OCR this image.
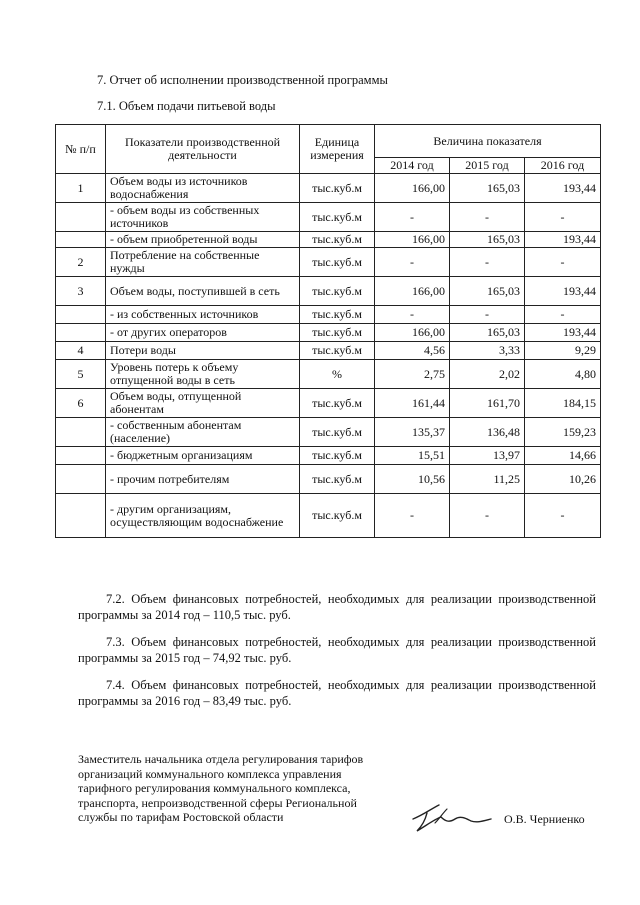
7. Отчет об исполнении производственной программы
7.1. Объем подачи питьевой воды
№ п/п	Показатели производственной деятельности	Единица измерения	Величина показателя		
			2014 год	2015 год	2016 год
1	Объем воды из источников водоснабжения	тыс.куб.м	166,00	165,03	193,44
	- объем воды из собственных источников	тыс.куб.м	-	-	-
	- объем приобретенной воды	тыс.куб.м	166,00	165,03	193,44
2	Потребление на собственные нужды	тыс.куб.м	-	-	-
3	Объем воды, поступившей в сеть	тыс.куб.м	166,00	165,03	193,44
	- из собственных источников	тыс.куб.м	-	-	-
	- от других операторов	тыс.куб.м	166,00	165,03	193,44
4	Потери воды	тыс.куб.м	4,56	3,33	9,29
5	Уровень потерь к объему отпущенной воды в сеть	%	2,75	2,02	4,80
6	Объем воды, отпущенной абонентам	тыс.куб.м	161,44	161,70	184,15
	- собственным абонентам (население)	тыс.куб.м	135,37	136,48	159,23
	- бюджетным организациям	тыс.куб.м	15,51	13,97	14,66
	- прочим потребителям	тыс.куб.м	10,56	11,25	10,26
	- другим организациям, осуществляющим водоснабжение	тыс.куб.м	-	-	-
7.2. Объем финансовых потребностей, необходимых для реализации производственной программы за 2014 год – 110,5 тыс. руб.
7.3. Объем финансовых потребностей, необходимых для реализации производственной программы за 2015 год – 74,92 тыс. руб.
7.4. Объем финансовых потребностей, необходимых для реализации производственной программы за 2016 год – 83,49 тыс. руб.
Заместитель начальника отдела регулирования тарифов
организаций коммунального комплекса управления
тарифного регулирования коммунального комплекса,
транспорта, непроизводственной сферы Региональной
службы по тарифам Ростовской области	О.В. Черниенко
